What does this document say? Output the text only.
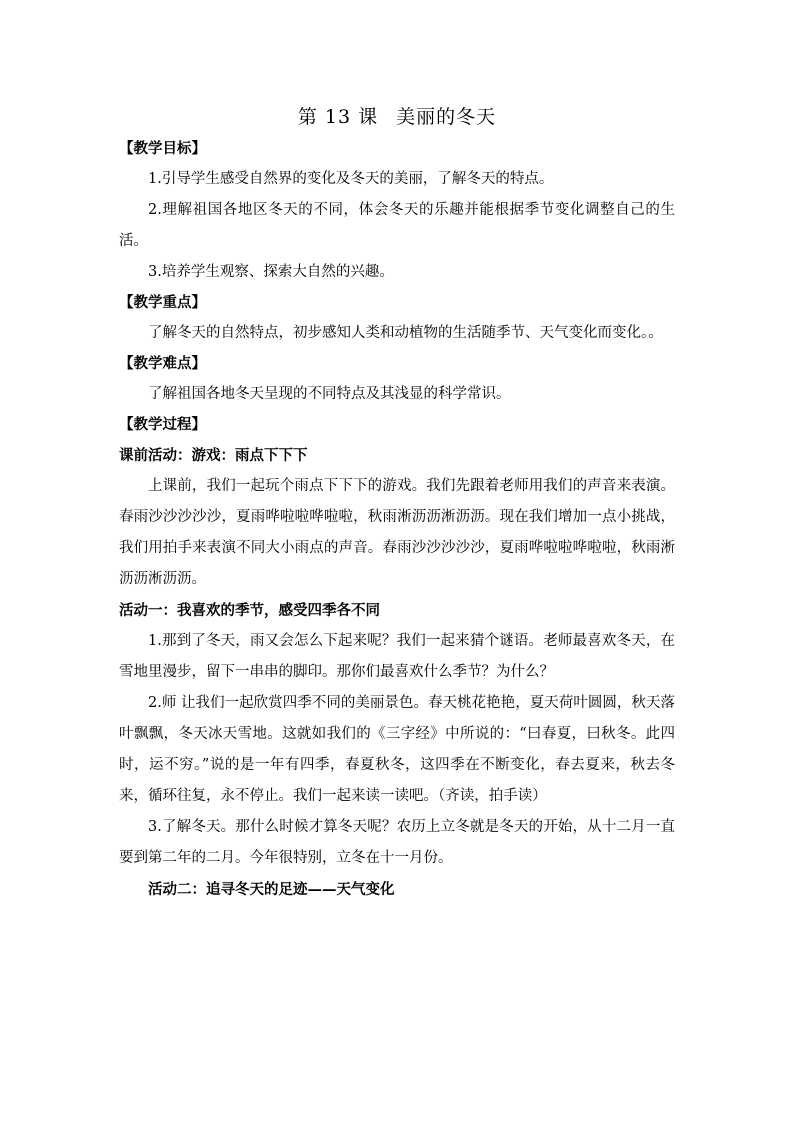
第 13 课 美丽的冬天

【教学目标】

1.引导学生感受自然界的变化及冬天的美丽，了解冬天的特点。

2.理解祖国各地区冬天的不同，体会冬天的乐趣并能根据季节变化调整自己的生活。

3.培养学生观察、探索大自然的兴趣。

【教学重点】

了解冬天的自然特点，初步感知人类和动植物的生活随季节、天气变化而变化。。

【教学难点】

了解祖国各地冬天呈现的不同特点及其浅显的科学常识。

【教学过程】

课前活动：游戏：雨点下下下

上课前，我们一起玩个雨点下下下的游戏。我们先跟着老师用我们的声音来表演。春雨沙沙沙沙沙，夏雨哗啦啦哗啦啦，秋雨淅沥沥淅沥沥。现在我们增加一点小挑战，我们用拍手来表演不同大小雨点的声音。春雨沙沙沙沙沙，夏雨哗啦啦哗啦啦，秋雨淅沥沥淅沥沥。

活动一：我喜欢的季节，感受四季各不同

1.那到了冬天，雨又会怎么下起来呢？我们一起来猜个谜语。老师最喜欢冬天，在雪地里漫步，留下一串串的脚印。那你们最喜欢什么季节？为什么？

2.师 让我们一起欣赏四季不同的美丽景色。春天桃花艳艳，夏天荷叶圆圆，秋天落叶飘飘，冬天冰天雪地。这就如我们的《三字经》中所说的：“曰春夏，曰秋冬。此四时，运不穷。”说的是一年有四季，春夏秋冬，这四季在不断变化，春去夏来，秋去冬来，循环往复，永不停止。我们一起来读一读吧。（齐读，拍手读）

3.了解冬天。那什么时候才算冬天呢？农历上立冬就是冬天的开始，从十二月一直要到第二年的二月。今年很特别，立冬在十一月份。

活动二：追寻冬天的足迹——天气变化
